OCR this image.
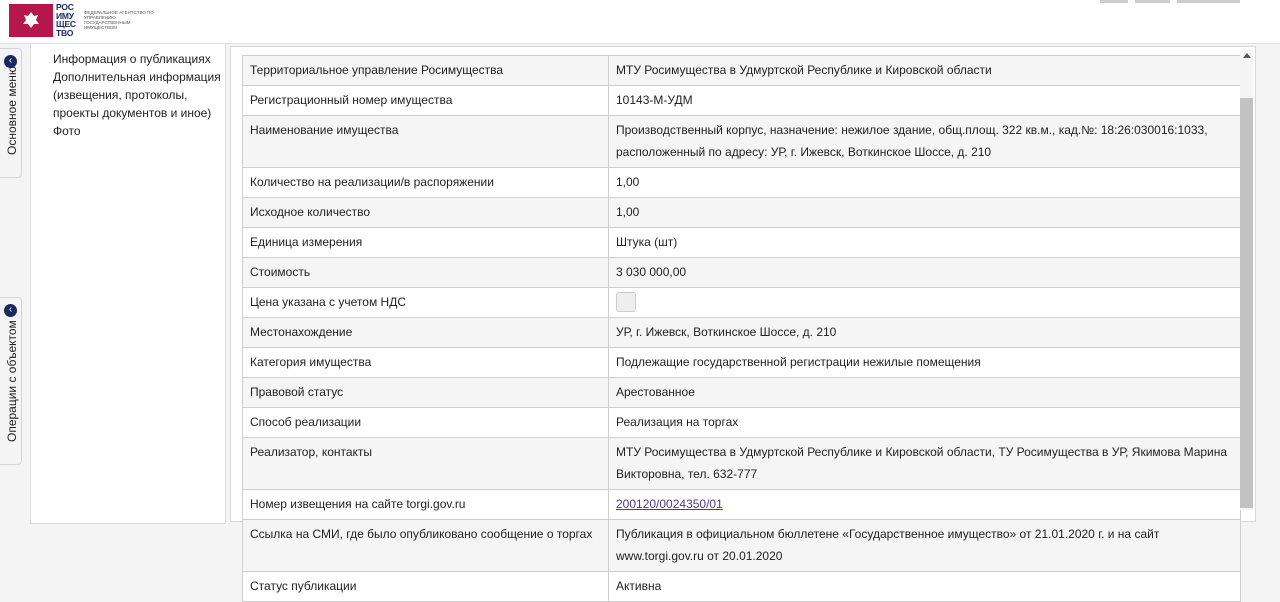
РОС ИМУ ЩЕС ТВО
ФЕДЕРАЛЬНОЕ АГЕНТСТВО ПО УПРАВЛЕНИЮ ГОСУДАРСТВЕННЫМ ИМУЩЕСТВОМ
‹
Основное меню
‹
Операции с объектом
Информация о публикациях
Дополнительная информация
(извещения, протоколы,
проекты документов и иное)
Фото
Территориальное управление Росимущества	МТУ Росимущества в Удмуртской Республике и Кировской области
Регистрационный номер имущества	10143-М-УДМ
Наименование имущества	Производственный корпус, назначение: нежилое здание, общ.площ. 322 кв.м., кад.№: 18:26:030016:1033, расположенный по адресу: УР, г. Ижевск, Воткинское Шоссе, д. 210
Количество на реализации/в распоряжении	1,00
Исходное количество	1,00
Единица измерения	Штука (шт)
Стоимость	3 030 000,00
Цена указана с учетом НДС	
Местонахождение	УР, г. Ижевск, Воткинское Шоссе, д. 210
Категория имущества	Подлежащие государственной регистрации нежилые помещения
Правовой статус	Арестованное
Способ реализации	Реализация на торгах
Реализатор, контакты	МТУ Росимущества в Удмуртской Республике и Кировской области, ТУ Росимущества в УР, Якимова Марина Викторовна, тел. 632-777
Номер извещения на сайте torgi.gov.ru	200120/0024350/01
Ссылка на СМИ, где было опубликовано сообщение о торгах	Публикация в официальном бюллетене «Государственное имущество» от 21.01.2020 г. и на сайт www.torgi.gov.ru от 20.01.2020
Статус публикации	Активна
